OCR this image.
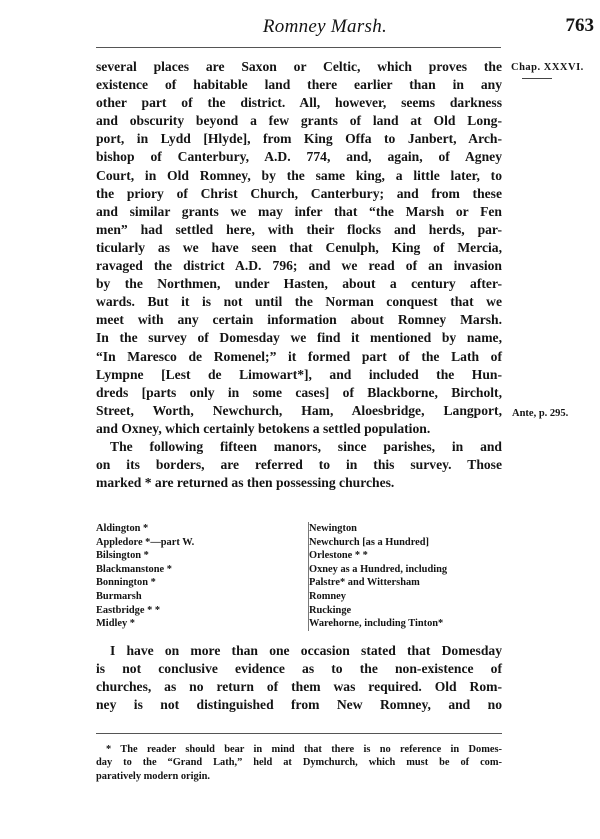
Romney Marsh.	763
Chap. XXXVI.
Ante, p. 295.
several places are Saxon or Celtic, which proves the
existence of habitable land there earlier than in any
other part of the district. All, however, seems darkness
and obscurity beyond a few grants of land at Old Long-
port, in Lydd [Hlyde], from King Offa to Janbert, Arch-
bishop of Canterbury, A.D. 774, and, again, of Agney
Court, in Old Romney, by the same king, a little later, to
the priory of Christ Church, Canterbury; and from these
and similar grants we may infer that “the Marsh or Fen
men” had settled here, with their flocks and herds, par-
ticularly as we have seen that Cenulph, King of Mercia,
ravaged the district A.D. 796; and we read of an invasion
by the Northmen, under Hasten, about a century after-
wards. But it is not until the Norman conquest that we
meet with any certain information about Romney Marsh.
In the survey of Domesday we find it mentioned by name,
“In Maresco de Romenel;” it formed part of the Lath of
Lympne [Lest de Limowart*], and included the Hun-
dreds [parts only in some cases] of Blackborne, Bircholt,
Street, Worth, Newchurch, Ham, Aloesbridge, Langport,
and Oxney, which certainly betokens a settled population.
The following fifteen manors, since parishes, in and
on its borders, are referred to in this survey. Those
marked * are returned as then possessing churches.
Aldington *
Appledore *—part W.
Bilsington *
Blackmanstone *
Bonnington *
Burmarsh
Eastbridge * *
Midley *
Newington
Newchurch [as a Hundred]
Orlestone * *
Oxney as a Hundred, including
Palstre* and Wittersham
Romney
Ruckinge
Warehorne, including Tinton*
I have on more than one occasion stated that Domesday
is not conclusive evidence as to the non-existence of
churches, as no return of them was required. Old Rom-
ney is not distinguished from New Romney, and no
* The reader should bear in mind that there is no reference in Domes-
day to the “Grand Lath,” held at Dymchurch, which must be of com-
paratively modern origin.
